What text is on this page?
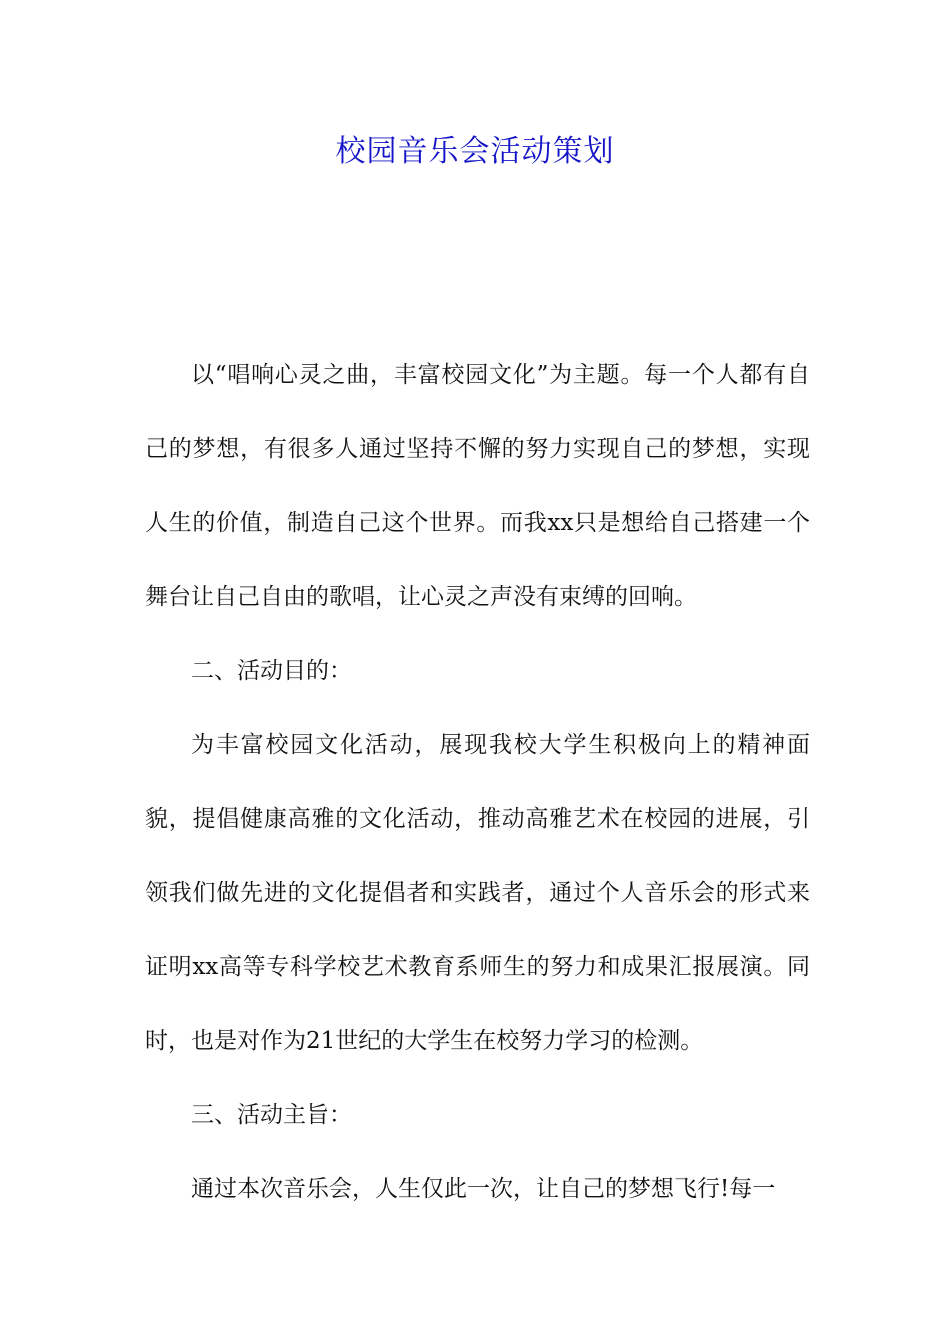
校园音乐会活动策划

以“唱响心灵之曲，丰富校园文化”为主题。每一个人都有自己的梦想，有很多人通过坚持不懈的努力实现自己的梦想，实现人生的价值，制造自己这个世界。而我xx只是想给自己搭建一个舞台让自己自由的歌唱，让心灵之声没有束缚的回响。

二、活动目的：

为丰富校园文化活动，展现我校大学生积极向上的精神面貌，提倡健康高雅的文化活动，推动高雅艺术在校园的进展，引领我们做先进的文化提倡者和实践者，通过个人音乐会的形式来证明xx高等专科学校艺术教育系师生的努力和成果汇报展演。同时，也是对作为21世纪的大学生在校努力学习的检测。

三、活动主旨：

通过本次音乐会，人生仅此一次，让自己的梦想飞行!每一
